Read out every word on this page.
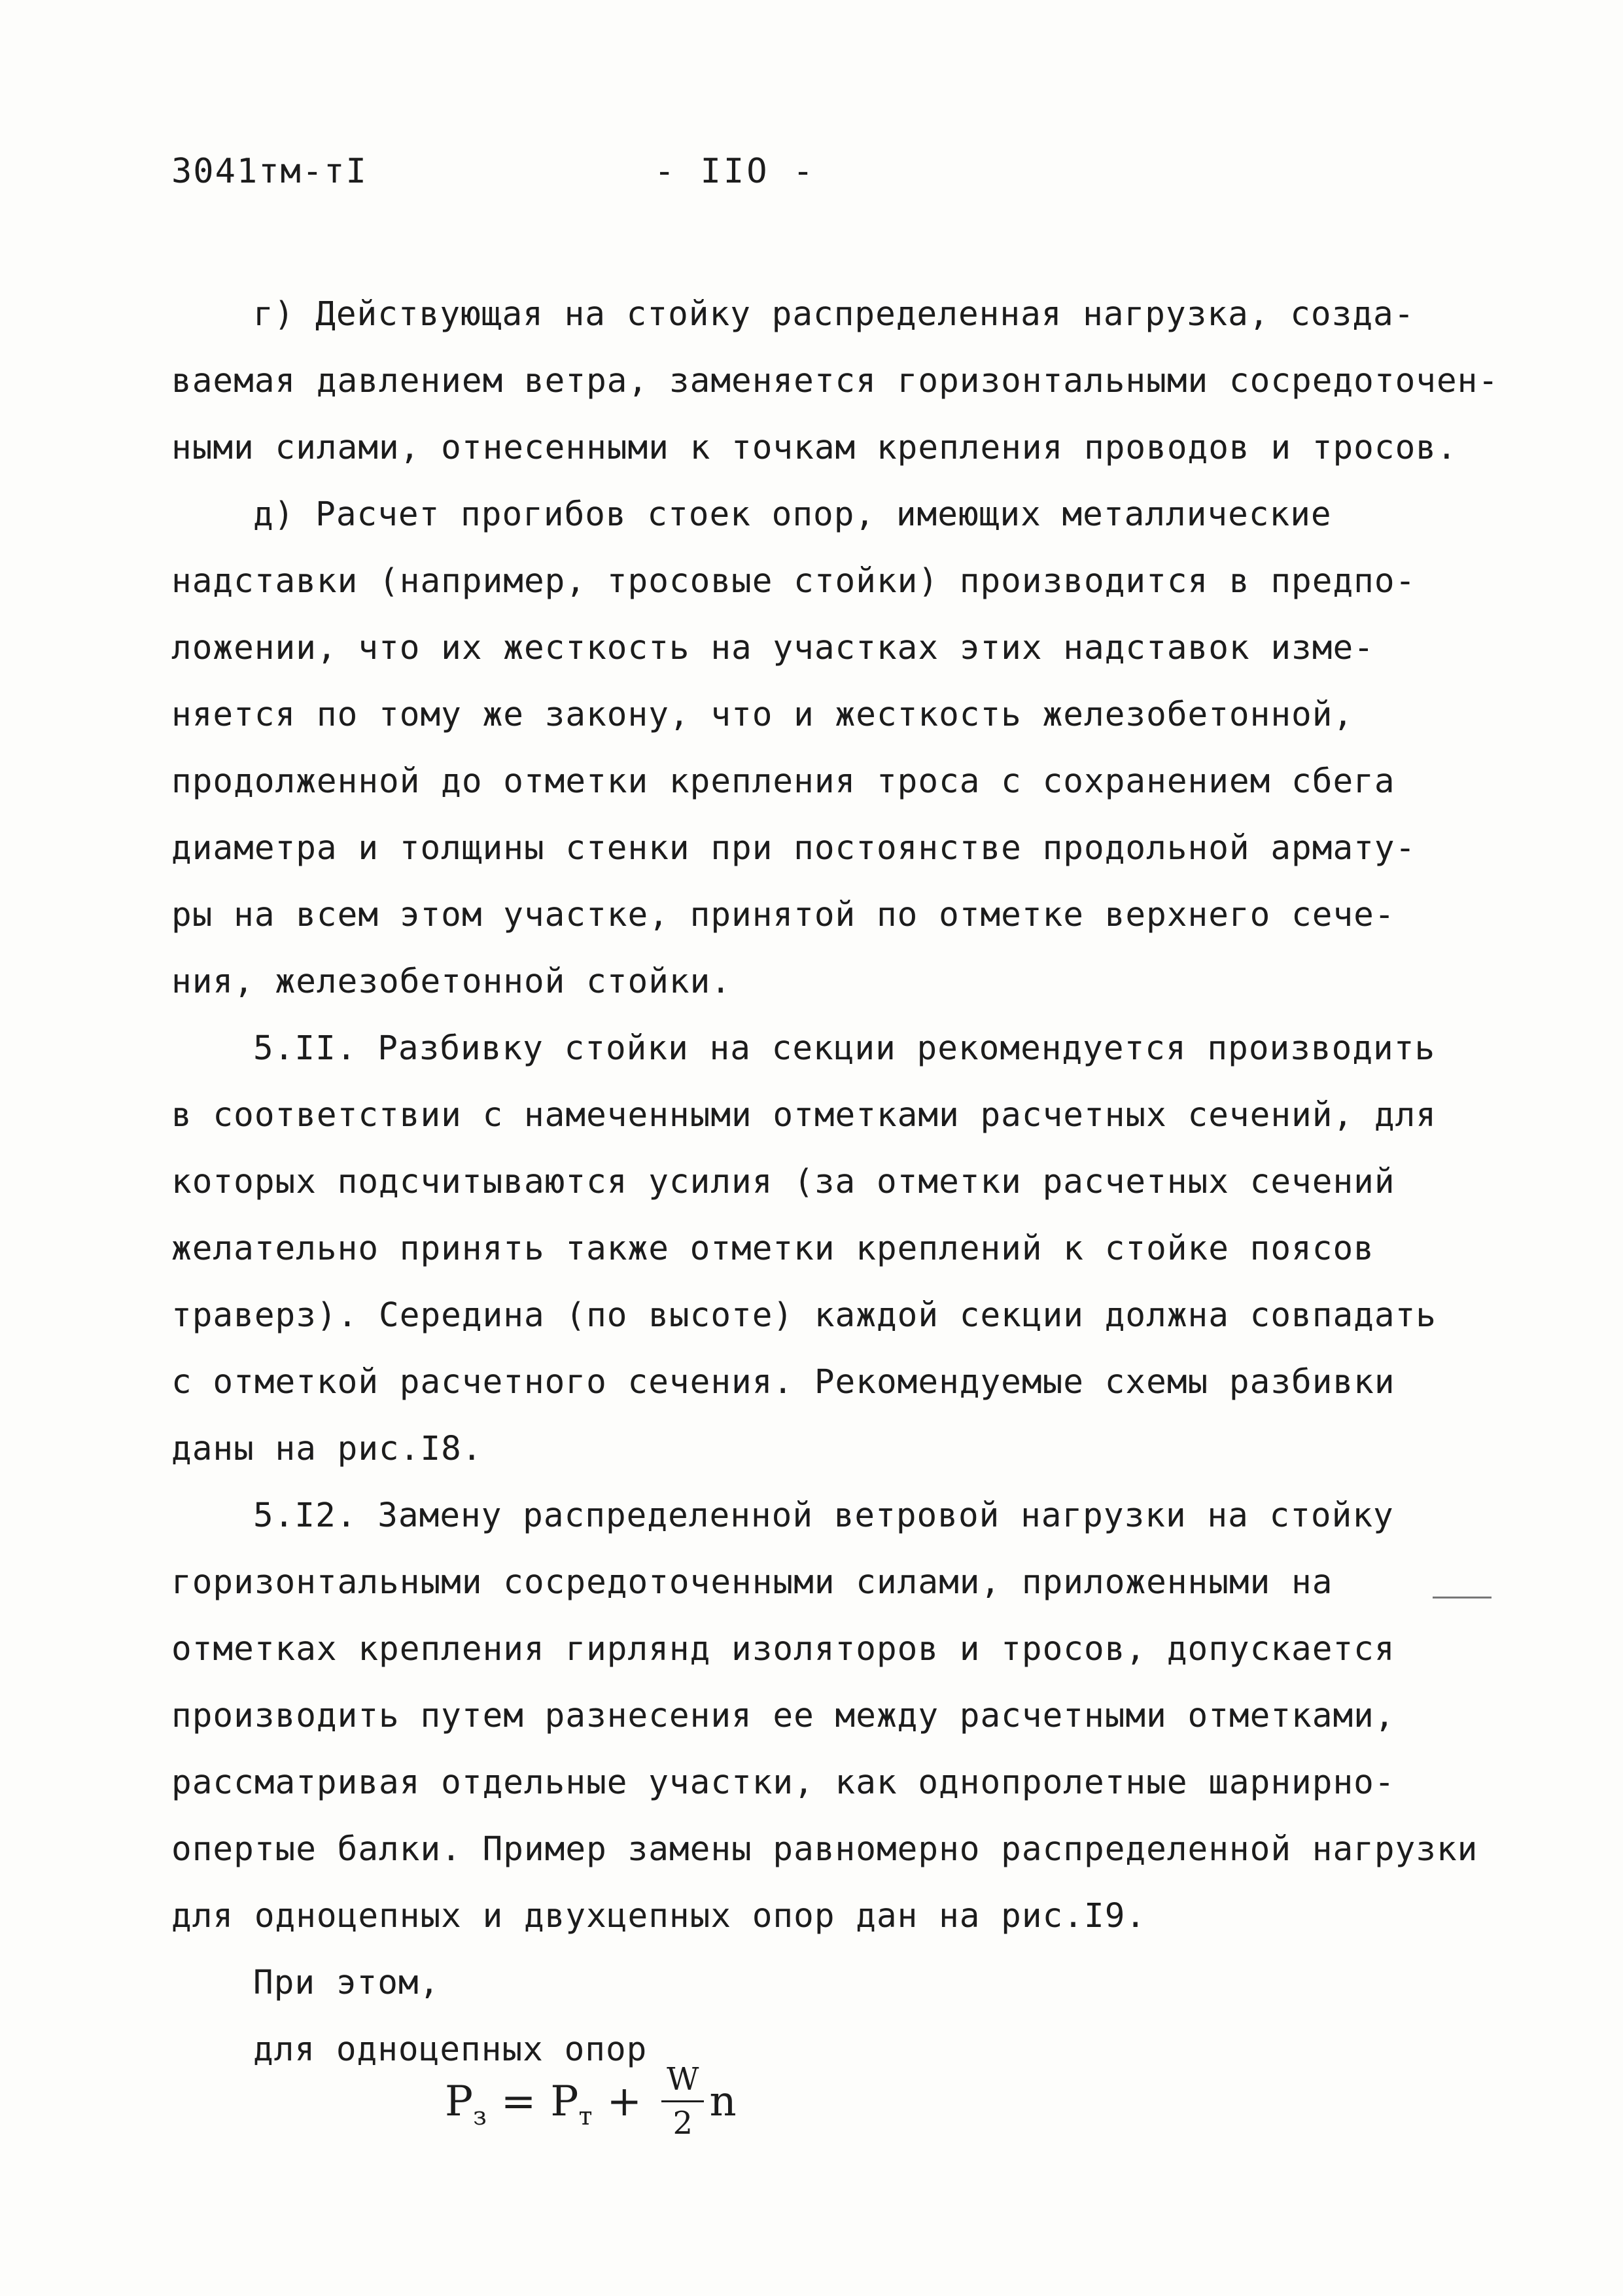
3041тм-тI	- IIO -
г) Действующая на стойку распределенная нагрузка, созда-
ваемая давлением ветра, заменяется горизонтальными сосредоточен-
ными силами, отнесенными к точкам крепления проводов и тросов.
д) Расчет прогибов стоек опор, имеющих металлические
надставки (например, тросовые стойки) производится в предпо-
ложении, что их жесткость на участках этих надставок изме-
няется по тому же закону, что и жесткость железобетонной,
продолженной до отметки крепления троса с сохранением сбега
диаметра и толщины стенки при постоянстве продольной армату-
ры на всем этом участке, принятой по отметке верхнего сече-
ния, железобетонной стойки.
5.II. Разбивку стойки на секции рекомендуется производить
в соответствии с намеченными отметками расчетных сечений, для
которых подсчитываются усилия (за отметки расчетных сечений
желательно принять также отметки креплений к стойке поясов
траверз). Середина (по высоте) каждой секции должна совпадать
с отметкой расчетного сечения. Рекомендуемые схемы разбивки
даны на рис.I8.
5.I2. Замену распределенной ветровой нагрузки на стойку
горизонтальными сосредоточенными силами, приложенными на
отметках крепления гирлянд изоляторов и тросов, допускается
производить путем разнесения ее между расчетными отметками,
рассматривая отдельные участки, как однопролетные шарнирно-
опертые балки. Пример замены равномерно распределенной нагрузки
для одноцепных и двухцепных опор дан на рис.I9.
При этом,
для одноцепных опор
P з = P $т + \frac{W}{2}$ n
